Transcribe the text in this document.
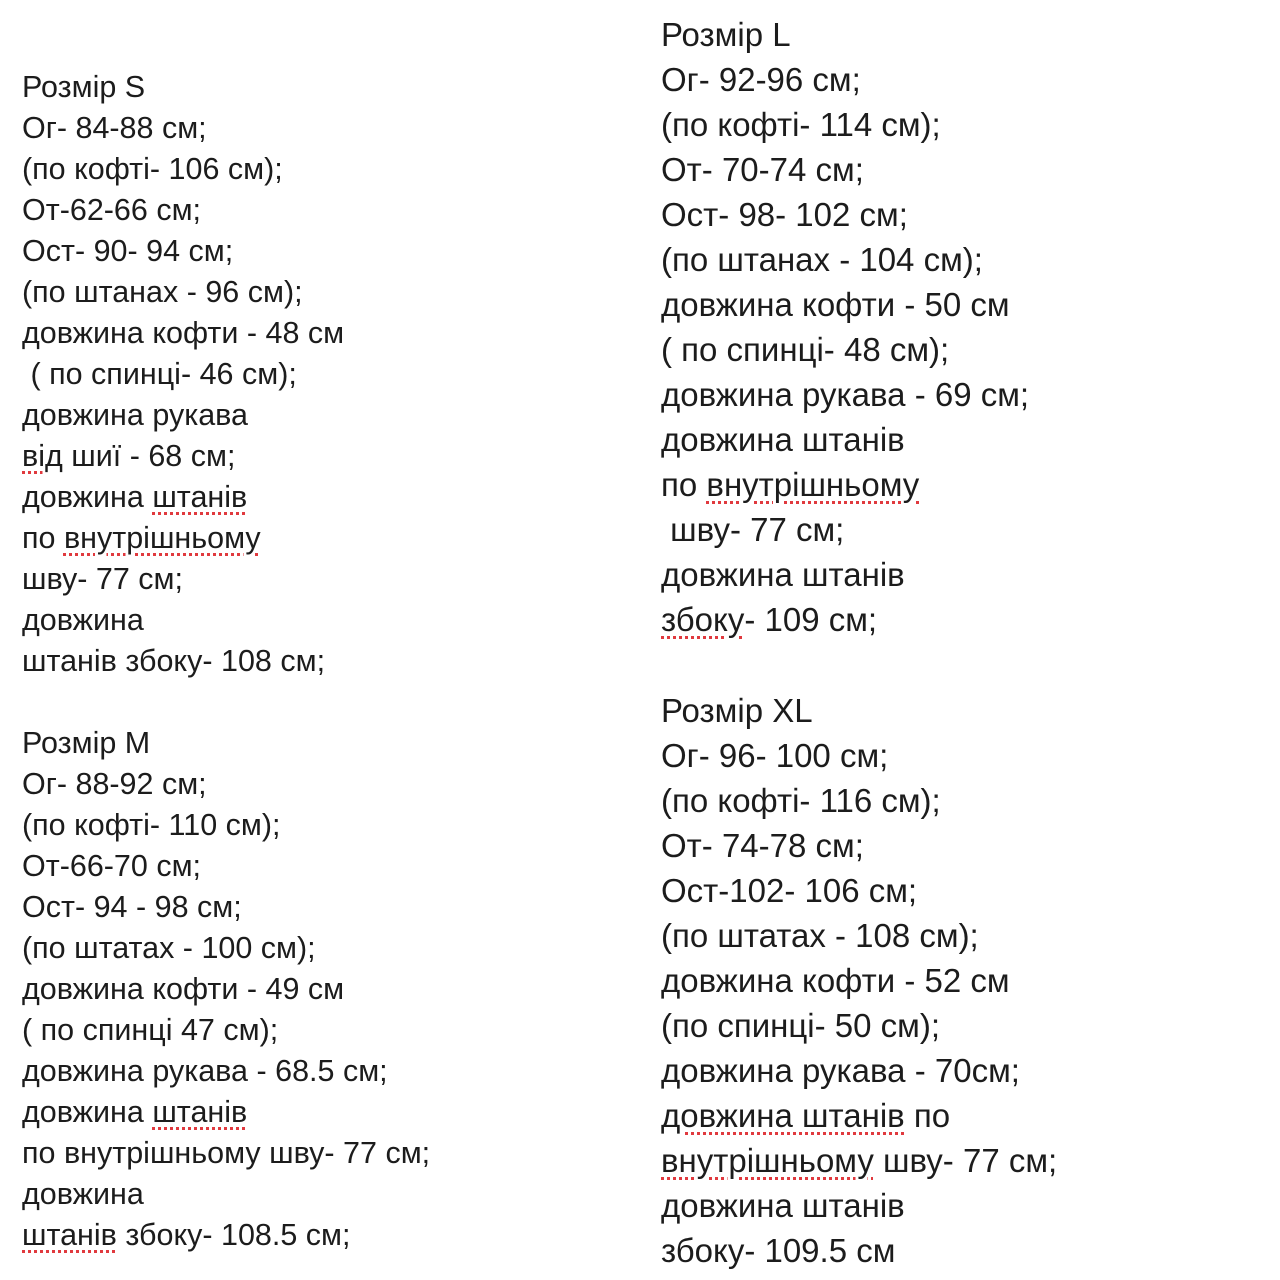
Розмір S
Ог- 84-88 см;
(по кофті- 106 см);
От-62-66 см;
Ост- 90- 94 см;
(по штанах - 96 см);
довжина кофти - 48 см
( по спинці- 46 см);
довжина рукава
від шиї - 68 см;
довжина штанів
по внутрішньому
шву- 77 см;
довжина
штанів збоку- 108 см;
Розмір M
Ог- 88-92 см;
(по кофті- 110 см);
От-66-70 см;
Ост- 94 - 98 см;
(по штатах - 100 см);
довжина кофти - 49 см
( по спинці 47 см);
довжина рукава - 68.5 см;
довжина штанів
по внутрішньому шву- 77 см;
довжина
штанів збоку- 108.5 см;
Розмір L
Ог- 92-96 см;
(по кофті- 114 см);
От- 70-74 см;
Ост- 98- 102 см;
(по штанах - 104 см);
довжина кофти - 50 см
( по спинці- 48 см);
довжина рукава - 69 см;
довжина штанів
по внутрішньому
шву- 77 см;
довжина штанів
збоку- 109 см;
Розмір XL
Ог- 96- 100 см;
(по кофті- 116 см);
От- 74-78 см;
Ост-102- 106 см;
(по штатах - 108 см);
довжина кофти - 52 см
(по спинці- 50 см);
довжина рукава - 70см;
довжина штанів по
внутрішньому шву- 77 см;
довжина штанів
збоку- 109.5 см
